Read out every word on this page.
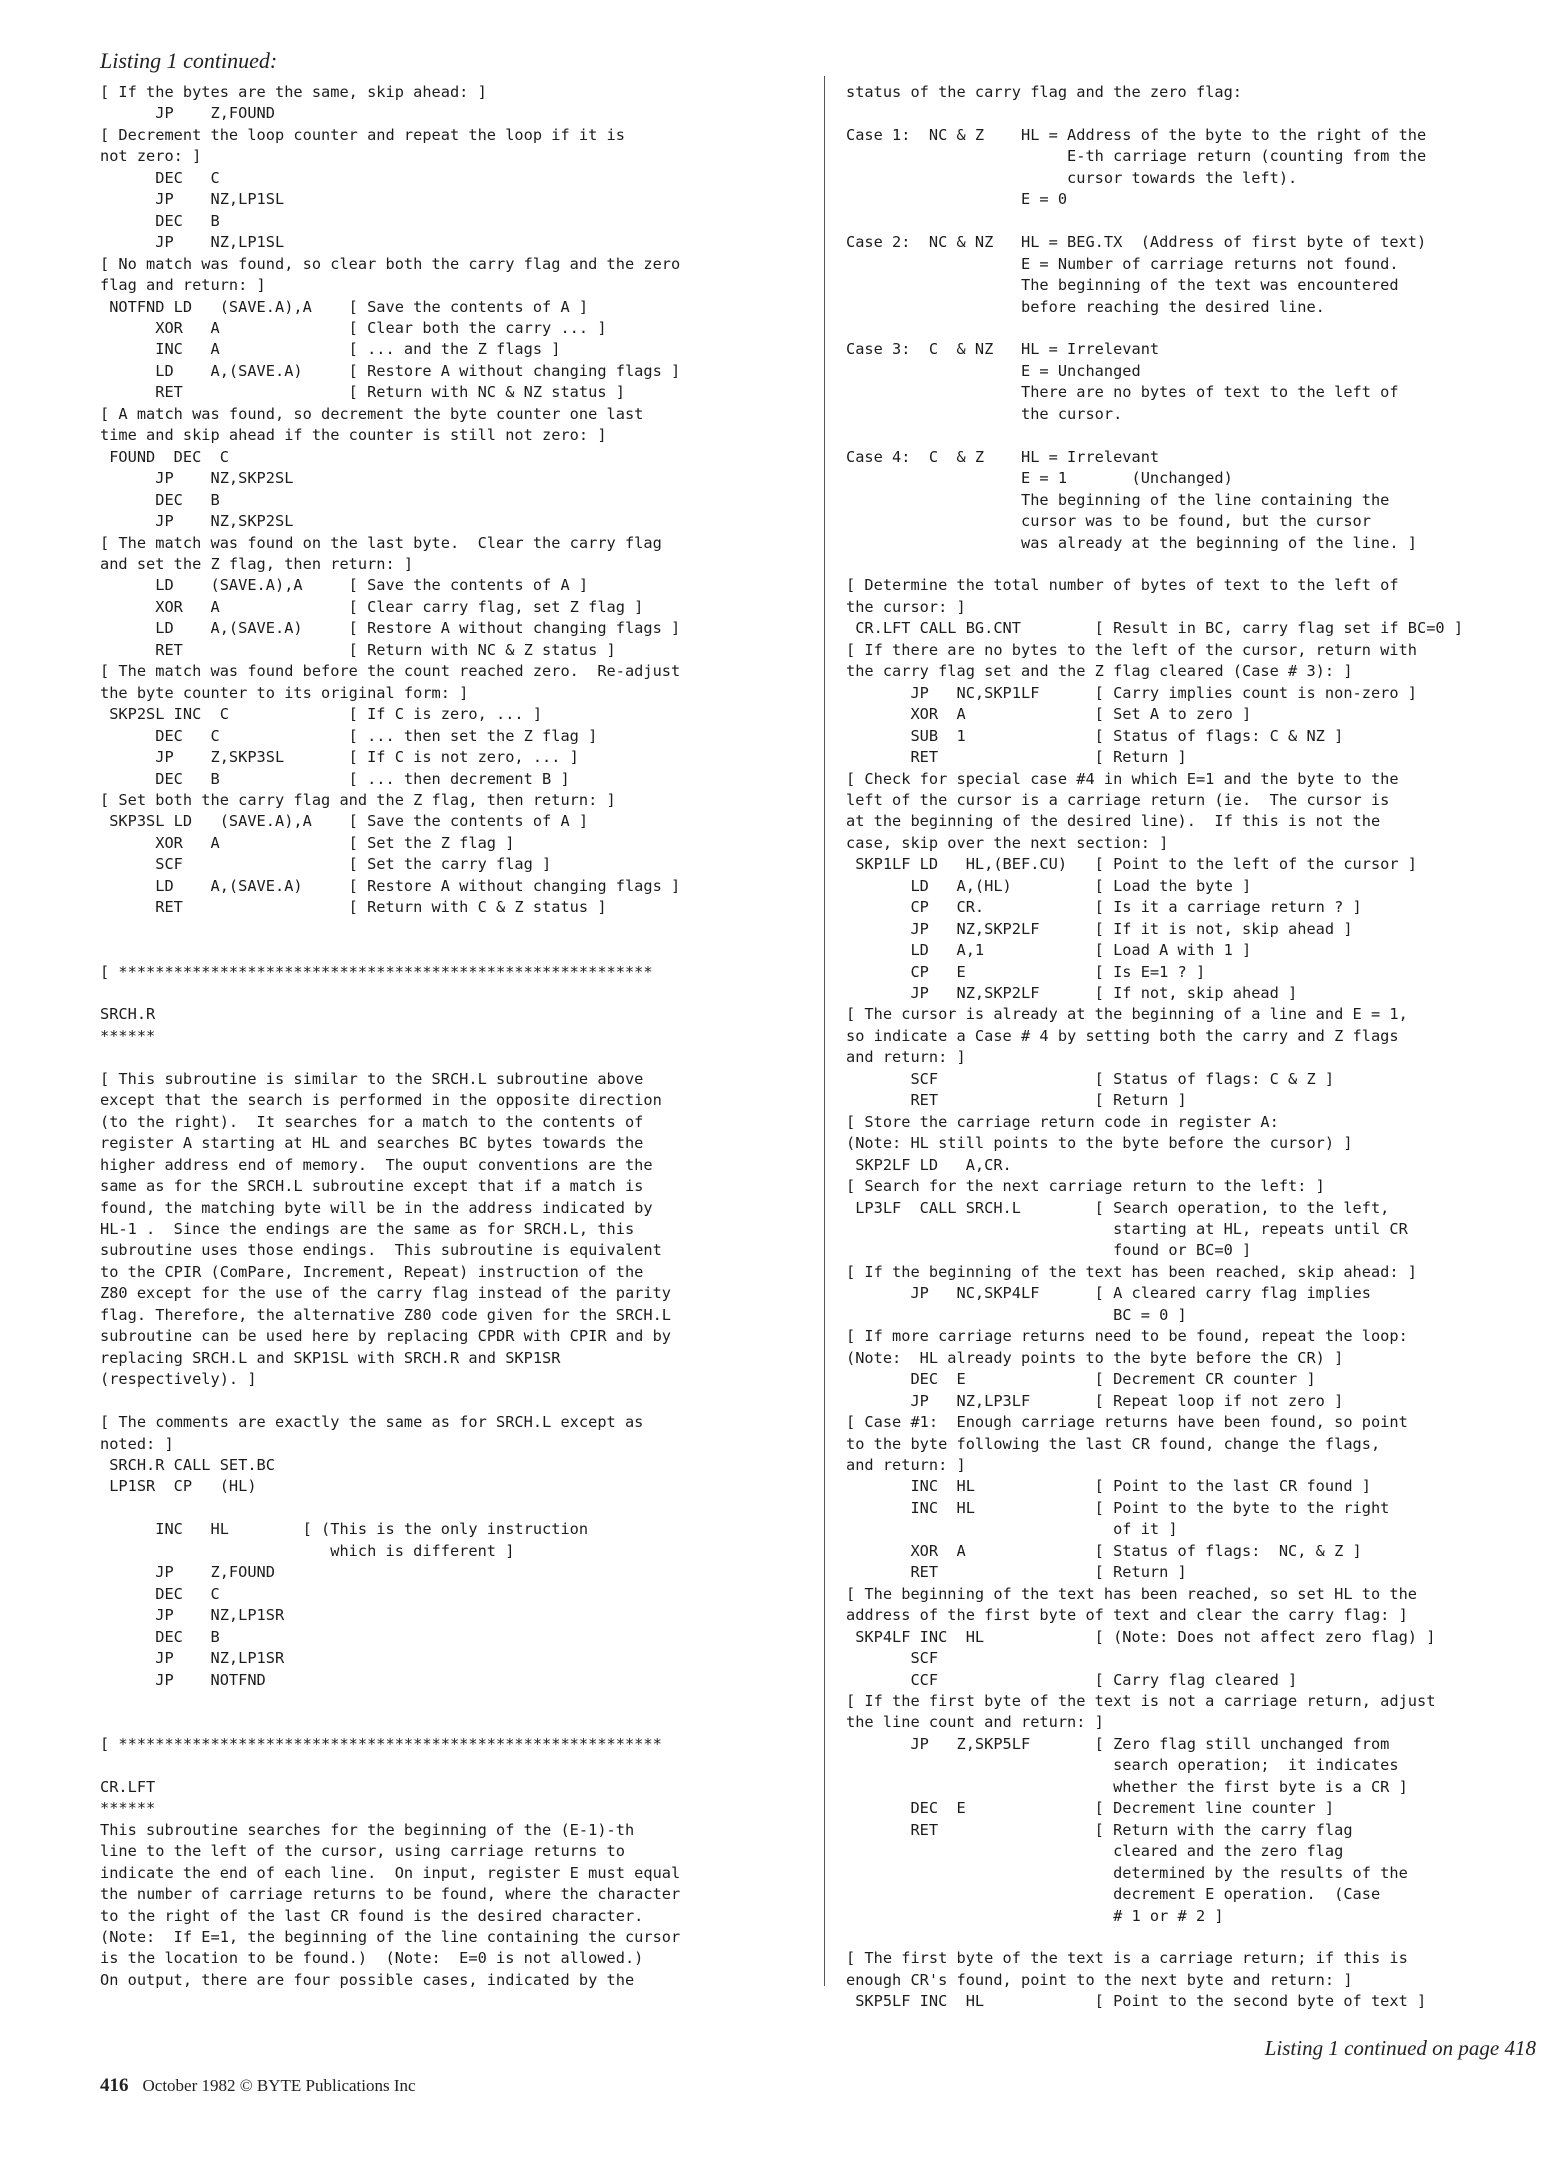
Listing 1 continued:
[ If the bytes are the same, skip ahead: ]
JP    Z,FOUND
[ Decrement the loop counter and repeat the loop if it is
not zero: ]
DEC   C
JP    NZ,LP1SL
DEC   B
JP    NZ,LP1SL
[ No match was found, so clear both the carry flag and the zero
flag and return: ]
NOTFND LD   (SAVE.A),A    [ Save the contents of A ]
XOR   A              [ Clear both the carry ... ]
INC   A              [ ... and the Z flags ]
LD    A,(SAVE.A)     [ Restore A without changing flags ]
RET                  [ Return with NC & NZ status ]
[ A match was found, so decrement the byte counter one last
time and skip ahead if the counter is still not zero: ]
FOUND  DEC  C
JP    NZ,SKP2SL
DEC   B
JP    NZ,SKP2SL
[ The match was found on the last byte.  Clear the carry flag
and set the Z flag, then return: ]
LD    (SAVE.A),A     [ Save the contents of A ]
XOR   A              [ Clear carry flag, set Z flag ]
LD    A,(SAVE.A)     [ Restore A without changing flags ]
RET                  [ Return with NC & Z status ]
[ The match was found before the count reached zero.  Re-adjust
the byte counter to its original form: ]
SKP2SL INC  C             [ If C is zero, ... ]
DEC   C              [ ... then set the Z flag ]
JP    Z,SKP3SL       [ If C is not zero, ... ]
DEC   B              [ ... then decrement B ]
[ Set both the carry flag and the Z flag, then return: ]
SKP3SL LD   (SAVE.A),A    [ Save the contents of A ]
XOR   A              [ Set the Z flag ]
SCF                  [ Set the carry flag ]
LD    A,(SAVE.A)     [ Restore A without changing flags ]
RET                  [ Return with C & Z status ]

[ **********************************************************

SRCH.R
******

[ This subroutine is similar to the SRCH.L subroutine above
except that the search is performed in the opposite direction
(to the right).  It searches for a match to the contents of
register A starting at HL and searches BC bytes towards the
higher address end of memory.  The ouput conventions are the
same as for the SRCH.L subroutine except that if a match is
found, the matching byte will be in the address indicated by
HL-1 .  Since the endings are the same as for SRCH.L, this
subroutine uses those endings.  This subroutine is equivalent
to the CPIR (ComPare, Increment, Repeat) instruction of the
Z80 except for the use of the carry flag instead of the parity
flag. Therefore, the alternative Z80 code given for the SRCH.L
subroutine can be used here by replacing CPDR with CPIR and by
replacing SRCH.L and SKP1SL with SRCH.R and SKP1SR
(respectively). ]

[ The comments are exactly the same as for SRCH.L except as
noted: ]
SRCH.R CALL SET.BC
LP1SR  CP   (HL)

INC   HL        [ (This is the only instruction
which is different ]
JP    Z,FOUND
DEC   C
JP    NZ,LP1SR
DEC   B
JP    NZ,LP1SR
JP    NOTFND

[ ***********************************************************

CR.LFT
******
This subroutine searches for the beginning of the (E-1)-th
line to the left of the cursor, using carriage returns to
indicate the end of each line.  On input, register E must equal
the number of carriage returns to be found, where the character
to the right of the last CR found is the desired character.
(Note:  If E=1, the beginning of the line containing the cursor
is the location to be found.)  (Note:  E=0 is not allowed.)
On output, there are four possible cases, indicated by the
status of the carry flag and the zero flag:

Case 1:  NC & Z    HL = Address of the byte to the right of the
E-th carriage return (counting from the
cursor towards the left).
E = 0

Case 2:  NC & NZ   HL = BEG.TX  (Address of first byte of text)
E = Number of carriage returns not found.
The beginning of the text was encountered
before reaching the desired line.

Case 3:  C  & NZ   HL = Irrelevant
E = Unchanged
There are no bytes of text to the left of
the cursor.

Case 4:  C  & Z    HL = Irrelevant
E = 1       (Unchanged)
The beginning of the line containing the
cursor was to be found, but the cursor
was already at the beginning of the line. ]

[ Determine the total number of bytes of text to the left of
the cursor: ]
CR.LFT CALL BG.CNT        [ Result in BC, carry flag set if BC=0 ]
[ If there are no bytes to the left of the cursor, return with
the carry flag set and the Z flag cleared (Case # 3): ]
JP   NC,SKP1LF      [ Carry implies count is non-zero ]
XOR  A              [ Set A to zero ]
SUB  1              [ Status of flags: C & NZ ]
RET                 [ Return ]
[ Check for special case #4 in which E=1 and the byte to the
left of the cursor is a carriage return (ie.  The cursor is
at the beginning of the desired line).  If this is not the
case, skip over the next section: ]
SKP1LF LD   HL,(BEF.CU)   [ Point to the left of the cursor ]
LD   A,(HL)         [ Load the byte ]
CP   CR.            [ Is it a carriage return ? ]
JP   NZ,SKP2LF      [ If it is not, skip ahead ]
LD   A,1            [ Load A with 1 ]
CP   E              [ Is E=1 ? ]
JP   NZ,SKP2LF      [ If not, skip ahead ]
[ The cursor is already at the beginning of a line and E = 1,
so indicate a Case # 4 by setting both the carry and Z flags
and return: ]
SCF                 [ Status of flags: C & Z ]
RET                 [ Return ]
[ Store the carriage return code in register A:
(Note: HL still points to the byte before the cursor) ]
SKP2LF LD   A,CR.
[ Search for the next carriage return to the left: ]
LP3LF  CALL SRCH.L        [ Search operation, to the left,
starting at HL, repeats until CR
found or BC=0 ]
[ If the beginning of the text has been reached, skip ahead: ]
JP   NC,SKP4LF      [ A cleared carry flag implies
BC = 0 ]
[ If more carriage returns need to be found, repeat the loop:
(Note:  HL already points to the byte before the CR) ]
DEC  E              [ Decrement CR counter ]
JP   NZ,LP3LF       [ Repeat loop if not zero ]
[ Case #1:  Enough carriage returns have been found, so point
to the byte following the last CR found, change the flags,
and return: ]
INC  HL             [ Point to the last CR found ]
INC  HL             [ Point to the byte to the right
of it ]
XOR  A              [ Status of flags:  NC, & Z ]
RET                 [ Return ]
[ The beginning of the text has been reached, so set HL to the
address of the first byte of text and clear the carry flag: ]
SKP4LF INC  HL            [ (Note: Does not affect zero flag) ]
SCF
CCF                 [ Carry flag cleared ]
[ If the first byte of the text is not a carriage return, adjust
the line count and return: ]
JP   Z,SKP5LF       [ Zero flag still unchanged from
search operation;  it indicates
whether the first byte is a CR ]
DEC  E              [ Decrement line counter ]
RET                 [ Return with the carry flag
cleared and the zero flag
determined by the results of the
decrement E operation.  (Case
# 1 or # 2 ]

[ The first byte of the text is a carriage return; if this is
enough CR's found, point to the next byte and return: ]
SKP5LF INC  HL            [ Point to the second byte of text ]
Listing 1 continued on page 418
416 October 1982 © BYTE Publications Inc
